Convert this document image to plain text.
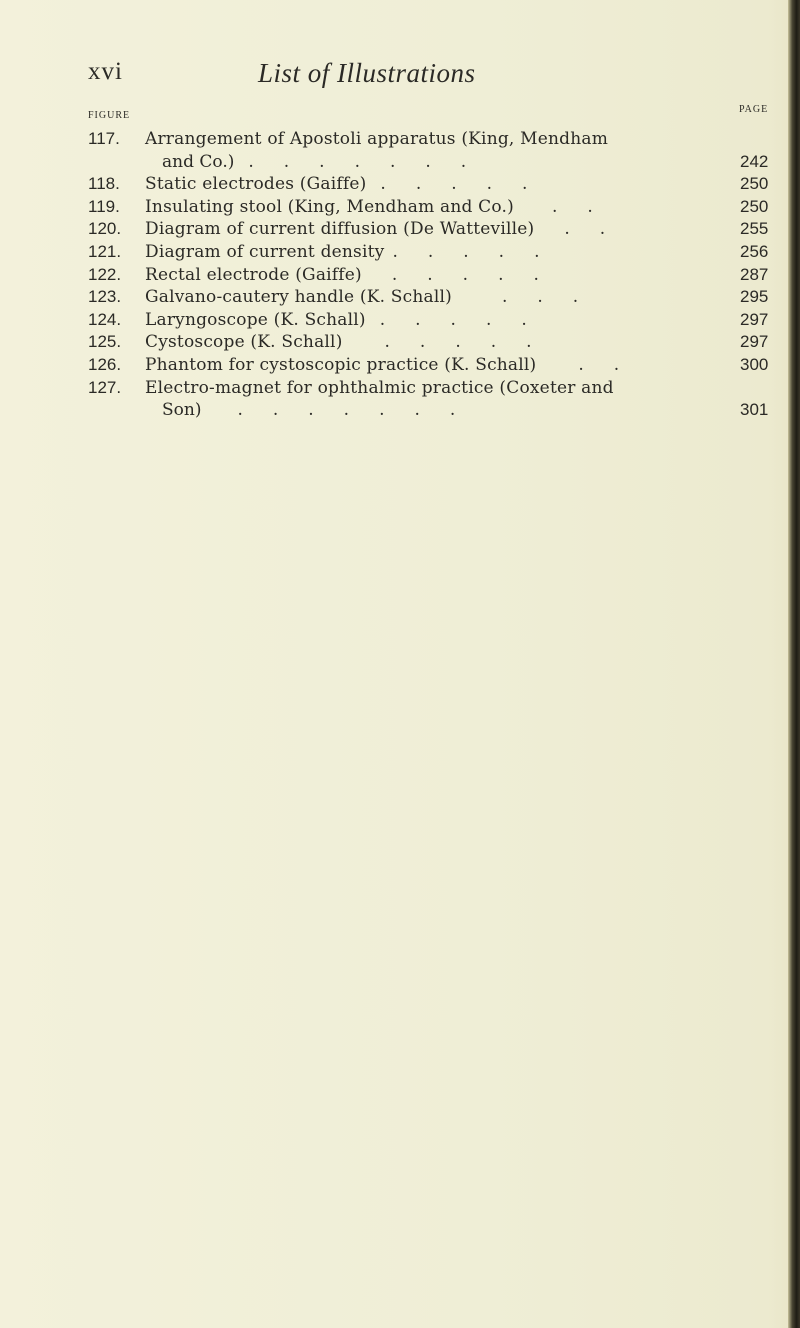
xvi	List of Illustrations
FIGURE
PAGE
117. Arrangement of Apostoli apparatus (King, Mendham
and Co.) .......	242
118. Static electrodes (Gaiffe) .....	250
119. Insulating stool (King, Mendham and Co.) ..	250
120. Diagram of current diffusion (De Watteville) ..	255
121. Diagram of current density .....	256
122. Rectal electrode (Gaiffe) .....	287
123. Galvano-cautery handle (K. Schall)	...	295
124. Laryngoscope (K. Schall) .....	297
125. Cystoscope (K. Schall) .....	297
126. Phantom for cystoscopic practice (K. Schall) ..	300
127. Electro-magnet for ophthalmic practice (Coxeter and
Son) .......	301
